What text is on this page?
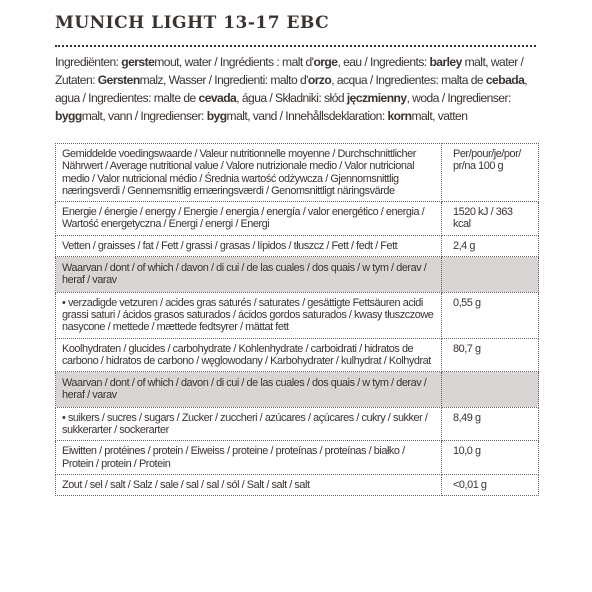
MUNICH LIGHT 13-17 EBC
Ingrediënten: gerstemout, water / Ingrédients : malt d'orge, eau / Ingredients: barley malt, water / Zutaten: Gerstenmalz, Wasser / Ingredienti: malto d'orzo, acqua / Ingredientes: malta de cebada, agua / Ingredientes: malte de cevada, água / Składniki: słód jęczmienny, woda / Ingredienser: byggmalt, vann / Ingredienser: bygmalt, vand / Innehållsdeklaration: kornmalt, vatten
Gemiddelde voedingswaarde / Valeur nutritionnelle moyenne / Durchschnittlicher Nährwert / Average nutritional value / Valore nutrizionale medio / Valor nutricional medio / Valor nutricional médio / Średnia wartość odżywcza / Gjennomsnittlig næringsverdi / Gennemsnitlig emæringsværdi / Genomsnittligt näringsvärde	Per/pour/je/por/ pr/na 100 g
Energie / énergie / energy / Energie / energia / energía / valor energético / energia / Wartość energetyczna / Energi / energi / Energi	1520 kJ / 363 kcal
Vetten / graisses / fat / Fett / grassi / grasas / lípidos / tłuszcz / Fett / fedt / Fett	2,4 g
Waarvan / dont / of which / davon / di cui / de las cuales / dos quais / w tym / derav / heraf / varav	
• verzadigde vetzuren / acides gras saturés / saturates / gesättigte Fettsäuren acidi grassi saturi / ácidos grasos saturados / ácidos gordos saturados / kwasy tłuszczowe nasycone / mettede / mættede fedtsyrer / mättat fett	0,55 g
Koolhydraten / glucides / carbohydrate / Kohlenhydrate / carboidrati / hidratos de carbono / hidratos de carbono / węglowodany / Karbohydrater / kulhydrat / Kolhydrat	80,7 g
Waarvan / dont / of which / davon / di cui / de las cuales / dos quais / w tym / derav / heraf / varav	
• suikers / sucres / sugars / Zucker / zuccheri / azúcares / açúcares / cukry / sukker / sukkerarter / sockerarter	8,49 g
Eiwitten / protéines / protein / Eiweiss / proteine / proteínas / proteínas / białko / Protein / protein / Protein	10,0 g
Zout / sel / salt / Salz / sale / sal / sal / sól / Salt / salt / salt	<0,01 g
